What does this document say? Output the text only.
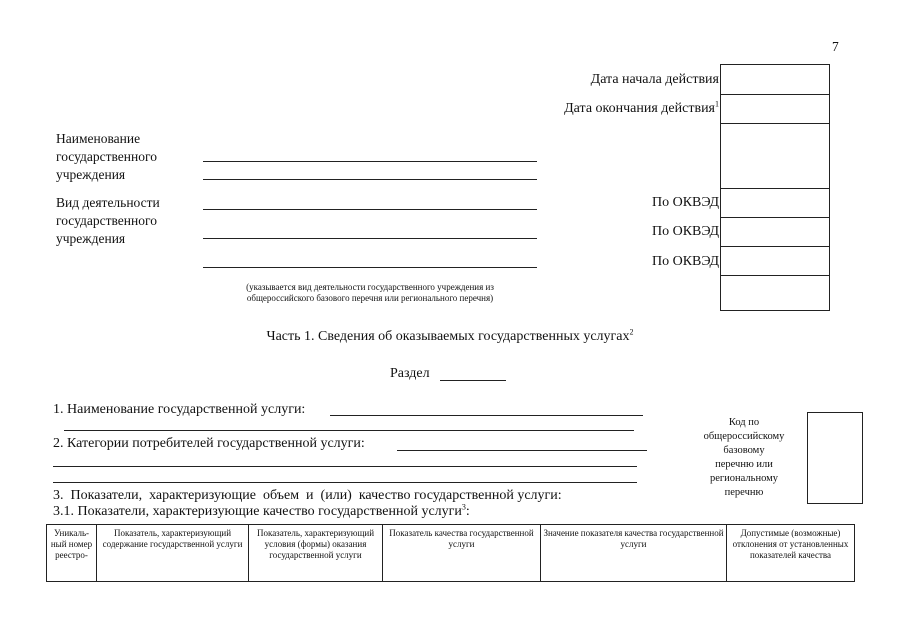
7
Дата начала действия
Дата окончания действия$^1$
По ОКВЭД
По ОКВЭД
По ОКВЭД
Наименование
государственного
учреждения
Вид деятельности
государственного
учреждения
(указывается вид деятельности государственного учреждения из
общероссийского базового перечня или регионального перечня)
Часть 1. Сведения об оказываемых государственных услугах$^2$
Раздел
1. Наименование государственной услуги:
2. Категории потребителей государственной услуги:
3.  Показатели,  характеризующие  объем  и  (или)  качество государственной услуги:
3.1. Показатели, характеризующие качество государственной услуги$^3$:
Код по
общероссийскому
базовому
перечню или
региональному
перечню
Уникаль-ный номер реестро-	Показатель, характеризующий содержание государственной услуги	Показатель, характеризующий условия (формы) оказания государственной услуги	Показатель качества государственной услуги	Значение показателя качества государственной услуги	Допустимые (возможные) отклонения от установленных показателей качества
